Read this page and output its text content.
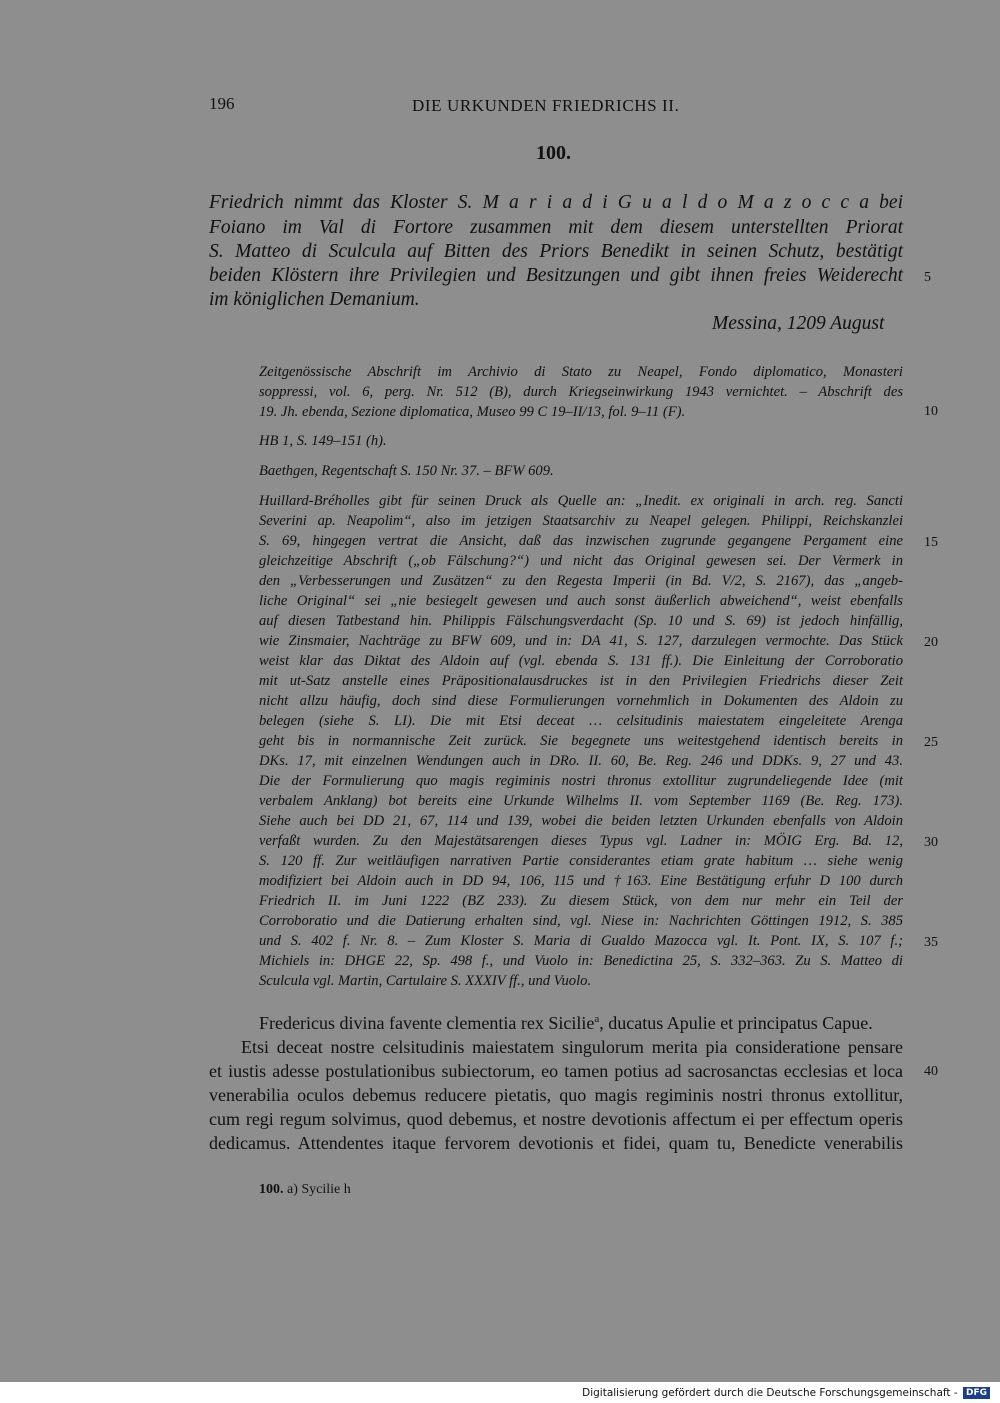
196	DIE URKUNDEN FRIEDRICHS II.
100.
Friedrich nimmt das Kloster S. M a r i a d i G u a l d o M a z o c c a bei
Foiano im Val di Fortore zusammen mit dem diesem unterstellten Priorat
S. Matteo di Sculcula auf Bitten des Priors Benedikt in seinen Schutz, bestätigt
beiden Klöstern ihre Privilegien und Besitzungen und gibt ihnen freies Weiderecht
im königlichen Demanium.
Messina, 1209 August
Zeitgenössische Abschrift im Archivio di Stato zu Neapel, Fondo diplomatico, Monasteri
soppressi, vol. 6, perg. Nr. 512 (B), durch Kriegseinwirkung 1943 vernichtet. – Abschrift des
19. Jh. ebenda, Sezione diplomatica, Museo 99 C 19–II/13, fol. 9–11 (F).
HB 1, S. 149–151 (h).
Baethgen, Regentschaft S. 150 Nr. 37. – BFW 609.
Huillard-Bréholles gibt für seinen Druck als Quelle an: „Inedit. ex originali in arch. reg. Sancti
Severini ap. Neapolim“, also im jetzigen Staatsarchiv zu Neapel gelegen. Philippi, Reichskanzlei
S. 69, hingegen vertrat die Ansicht, daß das inzwischen zugrunde gegangene Pergament eine
gleichzeitige Abschrift („ob Fälschung?“) und nicht das Original gewesen sei. Der Vermerk in
den „Verbesserungen und Zusätzen“ zu den Regesta Imperii (in Bd. V/2, S. 2167), das „angeb-
liche Original“ sei „nie besiegelt gewesen und auch sonst äußerlich abweichend“, weist ebenfalls
auf diesen Tatbestand hin. Philippis Fälschungsverdacht (Sp. 10 und S. 69) ist jedoch hinfällig,
wie Zinsmaier, Nachträge zu BFW 609, und in: DA 41, S. 127, darzulegen vermochte. Das Stück
weist klar das Diktat des Aldoin auf (vgl. ebenda S. 131 ff.). Die Einleitung der Corroboratio
mit ut-Satz anstelle eines Präpositionalausdruckes ist in den Privilegien Friedrichs dieser Zeit
nicht allzu häufig, doch sind diese Formulierungen vornehmlich in Dokumenten des Aldoin zu
belegen (siehe S. LI). Die mit Etsi deceat … celsitudinis maiestatem eingeleitete Arenga
geht bis in normannische Zeit zurück. Sie begegnete uns weitestgehend identisch bereits in
DKs. 17, mit einzelnen Wendungen auch in DRo. II. 60, Be. Reg. 246 und DDKs. 9, 27 und 43.
Die der Formulierung quo magis regiminis nostri thronus extollitur zugrundeliegende Idee (mit
verbalem Anklang) bot bereits eine Urkunde Wilhelms II. vom September 1169 (Be. Reg. 173).
Siehe auch bei DD 21, 67, 114 und 139, wobei die beiden letzten Urkunden ebenfalls von Aldoin
verfaßt wurden. Zu den Majestätsarengen dieses Typus vgl. Ladner in: MÖIG Erg. Bd. 12,
S. 120 ff. Zur weitläufigen narrativen Partie considerantes etiam grate habitum … siehe wenig
modifiziert bei Aldoin auch in DD 94, 106, 115 und †163. Eine Bestätigung erfuhr D 100 durch
Friedrich II. im Juni 1222 (BZ 233). Zu diesem Stück, von dem nur mehr ein Teil der
Corroboratio und die Datierung erhalten sind, vgl. Niese in: Nachrichten Göttingen 1912, S. 385
und S. 402 f. Nr. 8. – Zum Kloster S. Maria di Gualdo Mazocca vgl. It. Pont. IX, S. 107 f.;
Michiels in: DHGE 22, Sp. 498 f., und Vuolo in: Benedictina 25, S. 332–363. Zu S. Matteo di
Sculcula vgl. Martin, Cartulaire S. XXXIV ff., und Vuolo.
Fredericus divina favente clementia rex Sicilie$^a$, ducatus Apulie et principatus Capue.
Etsi deceat nostre celsitudinis maiestatem singulorum merita pia consideratione pensare
et iustis adesse postulationibus subiectorum, eo tamen potius ad sacrosanctas ecclesias et loca
venerabilia oculos debemus reducere pietatis, quo magis regiminis nostri thronus extollitur,
cum regi regum solvimus, quod debemus, et nostre devotionis affectum ei per effectum operis
dedicamus. Attendentes itaque fervorem devotionis et fidei, quam tu, Benedicte venerabilis
5
10
15
20
25
30
35
40
100. a) Sycilie h
Digitalisierung gefördert durch die Deutsche Forschungsgemeinschaft - DFG
